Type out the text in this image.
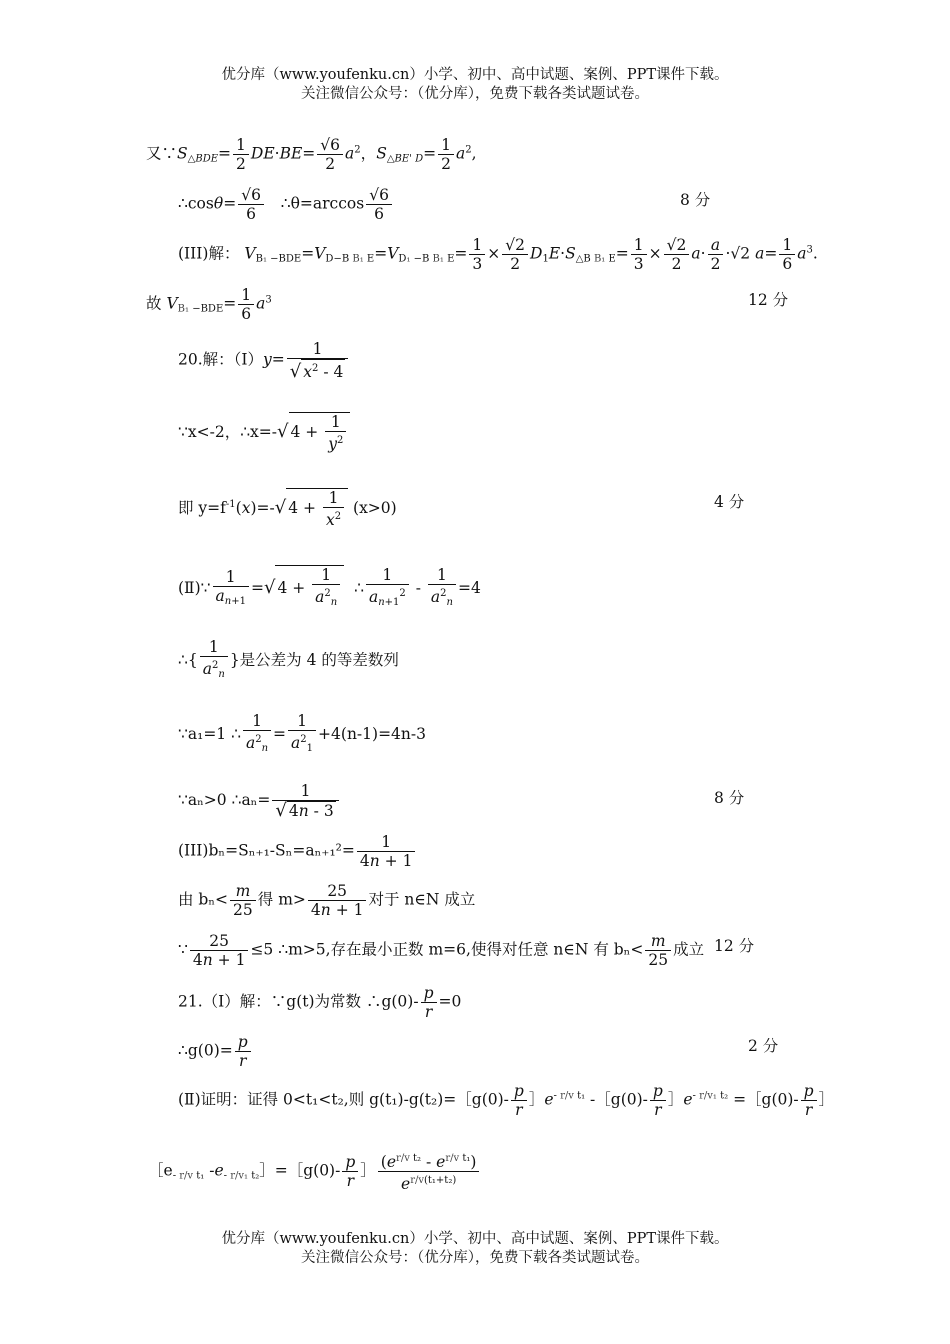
优分库（www.youfenku.cn）小学、初中、高中试题、案例、PPT课件下载。
关注微信公众号：（优分库），免费下载各类试题试卷。
又$\because S_{\triangle BDE}= \frac{1}{2} DE\cdot BE= \frac{√6}{2} a^2$，$S_{\triangle BE' D}= \frac{1}{2} a^2$,
∴cosθ= $\frac{√6}{6}$ ∴θ=arccos $\frac{√6}{6}$	8 分
(III)解： $V_{B_1 -BDE}=V_{D-B B_1 E}=V_{D_1 -B B_1 E}= \frac{1}{3} \times \frac{√2}{2} D_1E\cdot S_{\triangle B B_1 E}= \frac{1}{3} \times \frac{√2}{2} a\cdot \frac{a}{2} \cdot√2$ $a= \frac{1}{6} a^3$.
故 $V_{B_1 -BDE}= \frac{1}{6} a^3$	12 分
20.解：（Ⅰ）y= $\frac{1}{√ x^2 - 4}$
∵x<-2，∴x=-√ $4 + \frac{1}{y^2}$
即 $y=f^{-1}(x)=-√$ $4 + \frac{1}{x^2} (x>0)$	4 分
(Ⅱ)∵ $\frac{1}{a_{n+1}}$ =√ $4 + \frac{1}{a^2_n}$ ∴ $\frac{1}{a_{n+1}^2} - \frac{1}{a^2_n} =4$
∴{ $\frac{1}{a^2_n}$ }是公差为 4 的等差数列
∵a₁=1 ∴ $\frac{1}{a^2_n} = \frac{1}{a^2_1} +4(n-1)=4n-3$
∵aₙ>0 ∴aₙ= $\frac{1}{√ 4n - 3}$	8 分
$(III)b_n=S_{n+1}-S_n=a_{n+1}^2= \frac{1}{4n + 1}$
由 $b_n< \frac{m}{25}$ 得 $m> \frac{25}{4n + 1}$ 对于 n∈N 成立
∵ $\frac{25}{4n + 1} \le 5$ ∴m>5,存在最小正数 m=6,使得对任意 n∈N 有 $b_n< \frac{m}{25}$ 成立 12 分
21.（Ⅰ）解：∵g(t)为常数 ∴g(0)- $\frac{p}{r} =0$
∴g(0)= $\frac{p}{r}$	2 分
(Ⅱ)证明：证得 0<t₁<t₂,则 g(t₁)-g(t₂)=［g(0)- $\frac{p}{r}$ $]e^{- r/v t_1}$ -［g(0)- $\frac{p}{r}$ $]e^{- r/v_1 t_2}$ =［g(0)- $\frac{p}{r}$ ］
$[e_{- r/v t_1}$ $-e_{- r/v_1 t_2}]=[g(0)- \frac{p}{r}$ ］ $\frac{(e^{r/v t_2} - e^{r/v t_1})}{e^{r/v(t_1+t_2)}}$
优分库（www.youfenku.cn）小学、初中、高中试题、案例、PPT课件下载。
关注微信公众号：（优分库），免费下载各类试题试卷。
